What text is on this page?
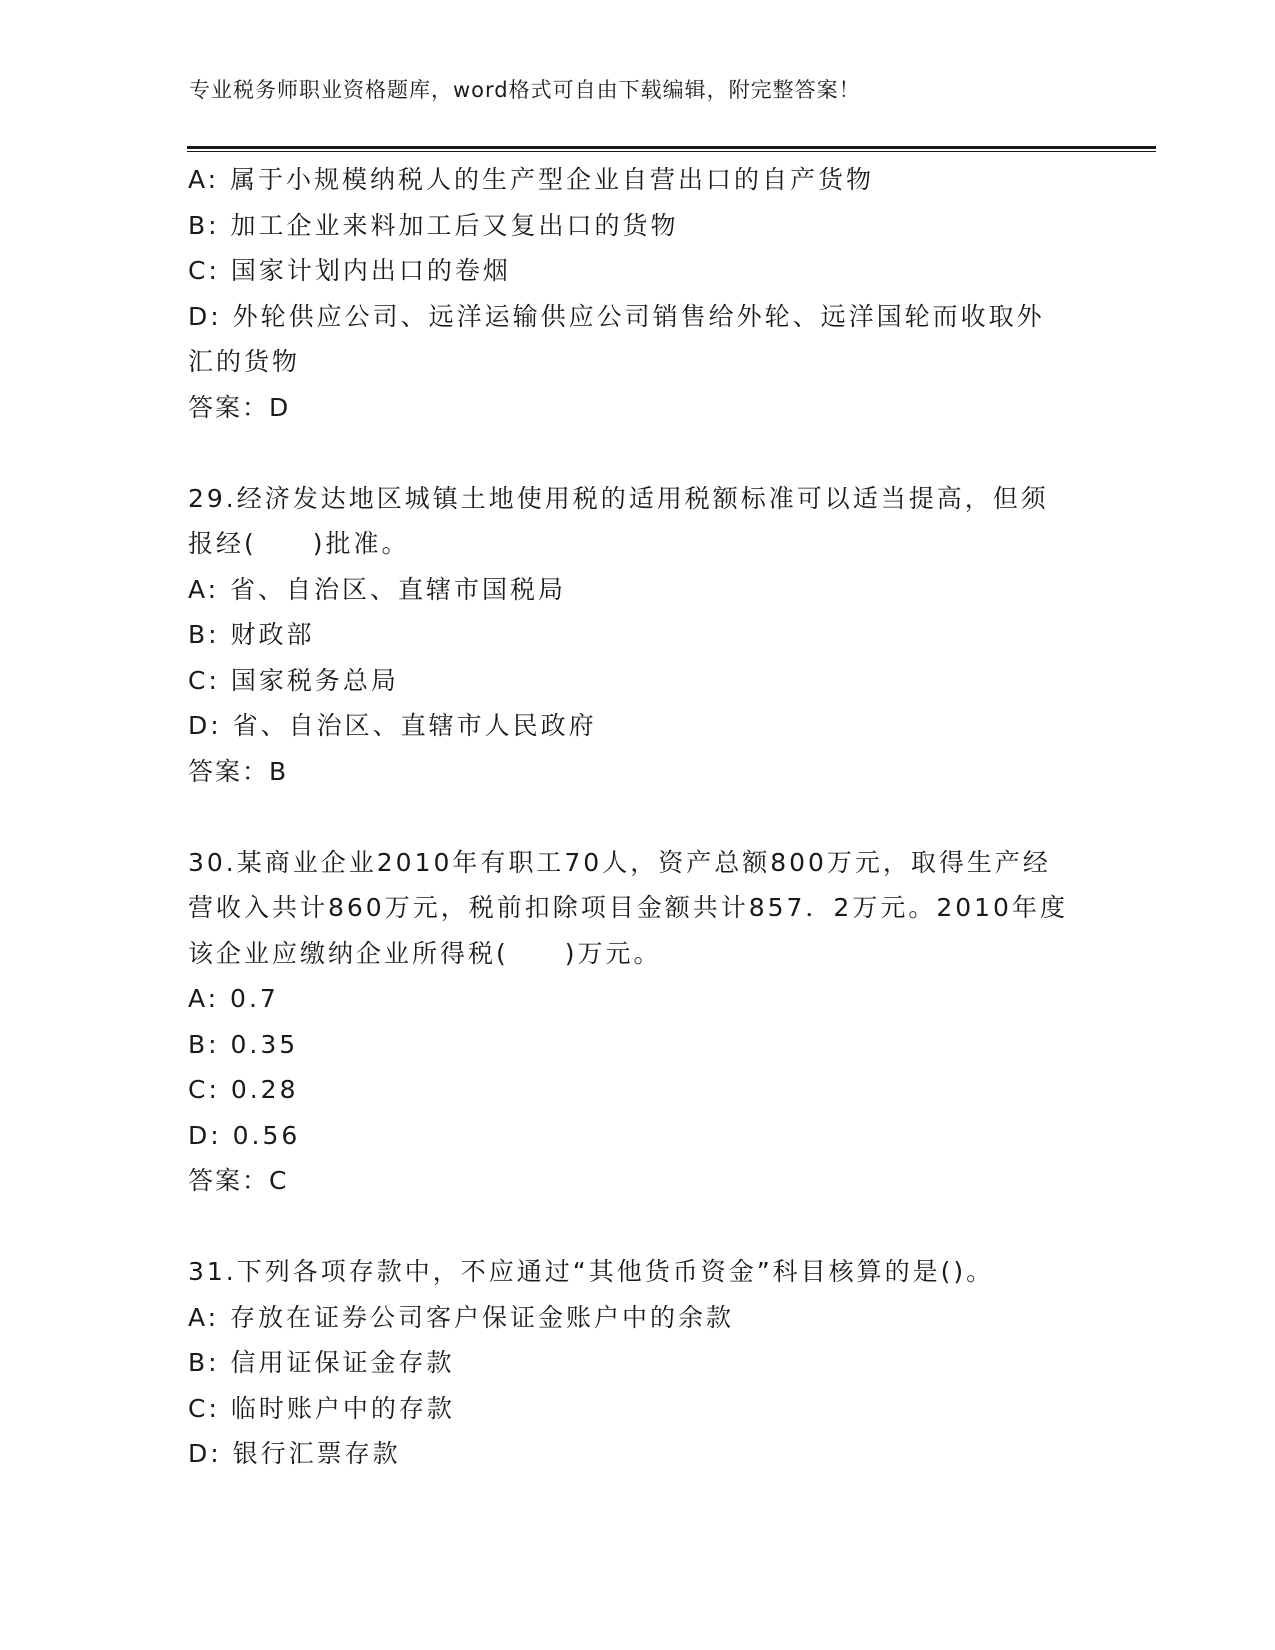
专业税务师职业资格题库，word格式可自由下载编辑，附完整答案！
A: 属于小规模纳税人的生产型企业自营出口的自产货物
B: 加工企业来料加工后又复出口的货物
C: 国家计划内出口的卷烟
D: 外轮供应公司、远洋运输供应公司销售给外轮、远洋国轮而收取外
汇的货物
答案：D
29.经济发达地区城镇土地使用税的适用税额标准可以适当提高，但须
报经(　　)批准。
A: 省、自治区、直辖市国税局
B: 财政部
C: 国家税务总局
D: 省、自治区、直辖市人民政府
答案：B
30.某商业企业2010年有职工70人，资产总额800万元，取得生产经
营收入共计860万元，税前扣除项目金额共计857．2万元。2010年度
该企业应缴纳企业所得税(　　)万元。
A: 0.7
B: 0.35
C: 0.28
D: 0.56
答案：C
31.下列各项存款中，不应通过“其他货币资金”科目核算的是()。
A: 存放在证券公司客户保证金账户中的余款
B: 信用证保证金存款
C: 临时账户中的存款
D: 银行汇票存款
